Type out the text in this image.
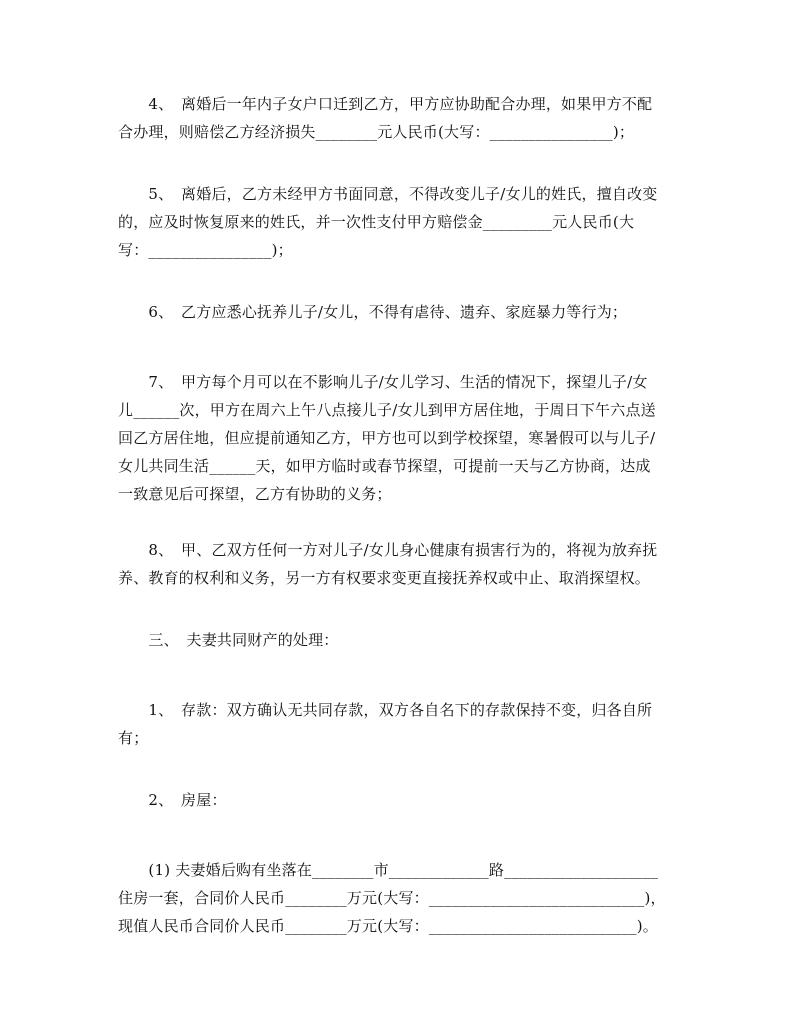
　　4、　离婚后一年内子女户口迁到乙方，甲方应协助配合办理，如果甲方不配
合办理，则赔偿乙方经济损失________元人民币(大写：________________)；
　　5、　离婚后，乙方未经甲方书面同意，不得改变儿子/女儿的姓氏，擅自改变
的，应及时恢复原来的姓氏，并一次性支付甲方赔偿金_________元人民币(大
写：________________)；
　　6、　乙方应悉心抚养儿子/女儿，不得有虐待、遗弃、家庭暴力等行为；
　　7、　甲方每个月可以在不影响儿子/女儿学习、生活的情况下，探望儿子/女
儿______次，甲方在周六上午八点接儿子/女儿到甲方居住地，于周日下午六点送
回乙方居住地，但应提前通知乙方，甲方也可以到学校探望，寒暑假可以与儿子/
女儿共同生活______天，如甲方临时或春节探望，可提前一天与乙方协商，达成
一致意见后可探望，乙方有协助的义务；
　　8、　甲、乙双方任何一方对儿子/女儿身心健康有损害行为的，将视为放弃抚
养、教育的权利和义务，另一方有权要求变更直接抚养权或中止、取消探望权。
　　三、　夫妻共同财产的处理：
　　1、　存款：双方确认无共同存款，双方各自名下的存款保持不变，归各自所
有；
　　2、　房屋：
　　(1) 夫妻婚后购有坐落在________市_____________路____________________
住房一套，合同价人民币________万元(大写：____________________________)，
现值人民币合同价人民币________万元(大写：___________________________)。
